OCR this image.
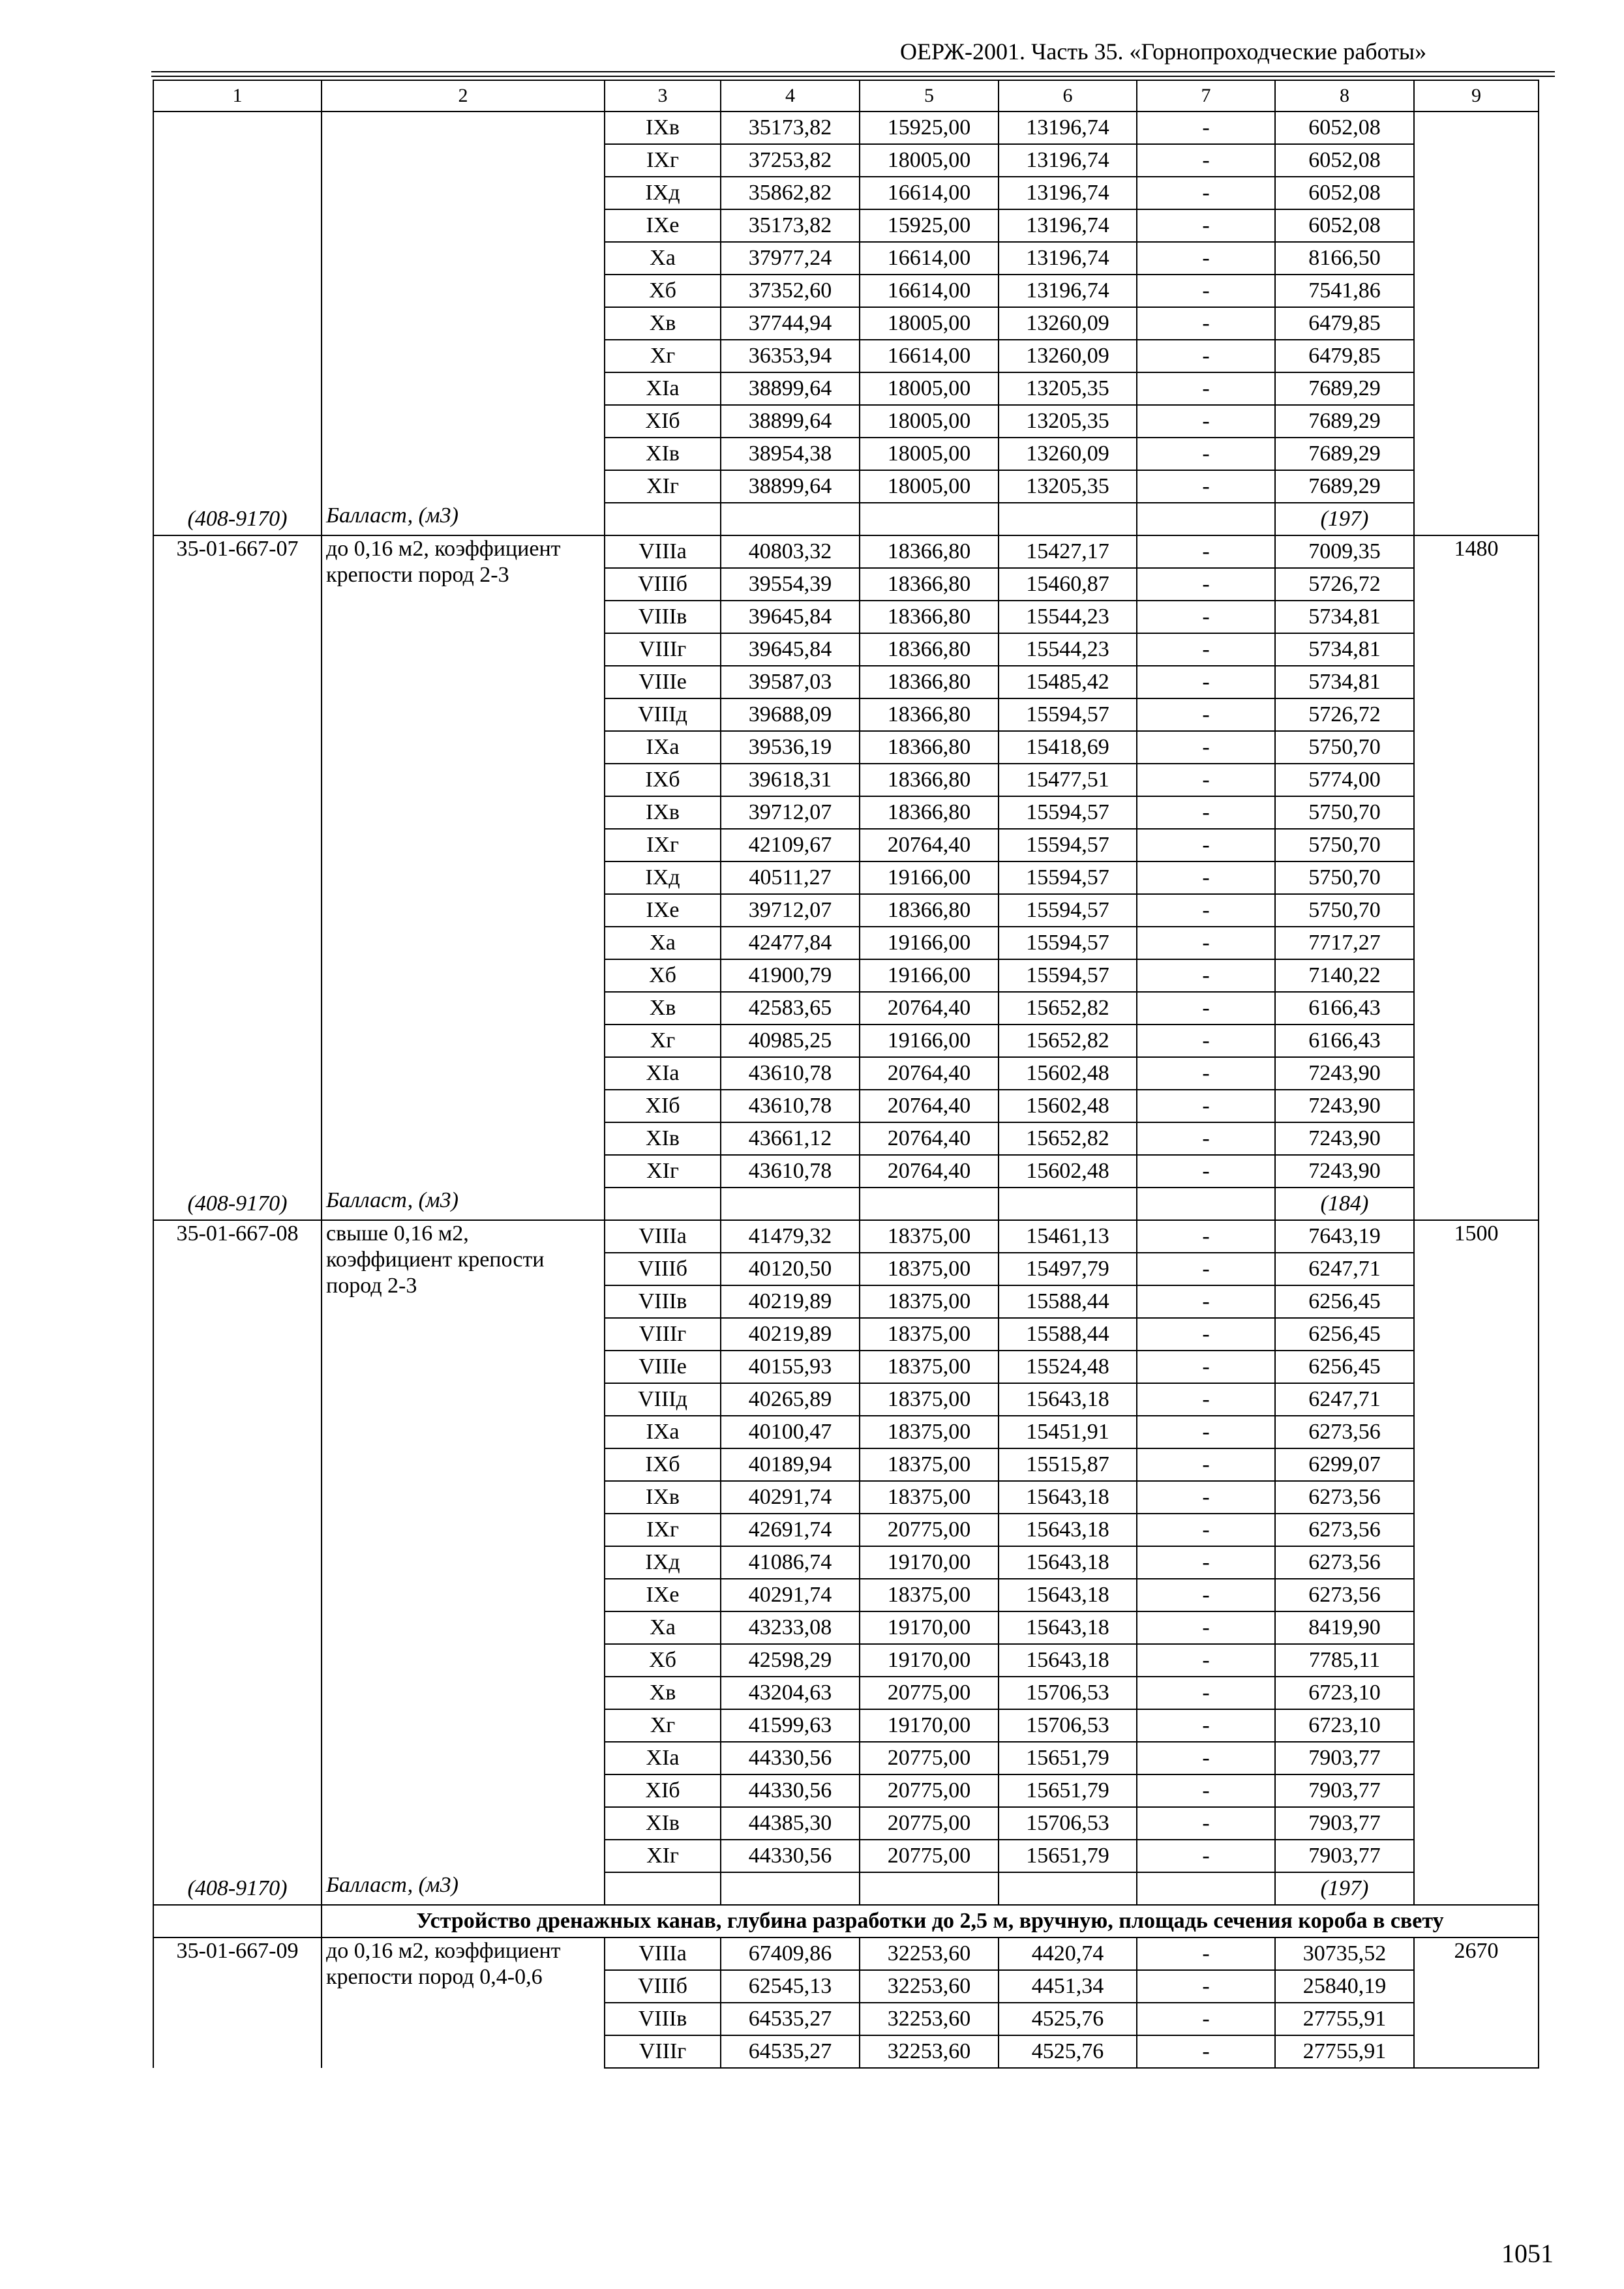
ОЕРЖ-2001. Часть 35. «Горнопроходческие работы»
1	2	3	4	5	6	7	8	9
		IXв	35173,82	15925,00	13196,74	-	6052,08	
		IXг	37253,82	18005,00	13196,74	-	6052,08	
		IXд	35862,82	16614,00	13196,74	-	6052,08	
		IXе	35173,82	15925,00	13196,74	-	6052,08	
		Xа	37977,24	16614,00	13196,74	-	8166,50	
		Xб	37352,60	16614,00	13196,74	-	7541,86	
		Xв	37744,94	18005,00	13260,09	-	6479,85	
		Xг	36353,94	16614,00	13260,09	-	6479,85	
		XIа	38899,64	18005,00	13205,35	-	7689,29	
		XIб	38899,64	18005,00	13205,35	-	7689,29	
		XIв	38954,38	18005,00	13260,09	-	7689,29	
		XIг	38899,64	18005,00	13205,35	-	7689,29	
(408-9170)	Балласт, (м3)						(197)	
35-01-667-07	до 0,16 м2, коэффициент крепости пород 2-3	VIIIа	40803,32	18366,80	15427,17	-	7009,35	1480
		VIIIб	39554,39	18366,80	15460,87	-	5726,72	
		VIIIв	39645,84	18366,80	15544,23	-	5734,81	
		VIIIг	39645,84	18366,80	15544,23	-	5734,81	
		VIIIе	39587,03	18366,80	15485,42	-	5734,81	
		VIIIд	39688,09	18366,80	15594,57	-	5726,72	
		IXа	39536,19	18366,80	15418,69	-	5750,70	
		IXб	39618,31	18366,80	15477,51	-	5774,00	
		IXв	39712,07	18366,80	15594,57	-	5750,70	
		IXг	42109,67	20764,40	15594,57	-	5750,70	
		IXд	40511,27	19166,00	15594,57	-	5750,70	
		IXе	39712,07	18366,80	15594,57	-	5750,70	
		Xа	42477,84	19166,00	15594,57	-	7717,27	
		Xб	41900,79	19166,00	15594,57	-	7140,22	
		Xв	42583,65	20764,40	15652,82	-	6166,43	
		Xг	40985,25	19166,00	15652,82	-	6166,43	
		XIа	43610,78	20764,40	15602,48	-	7243,90	
		XIб	43610,78	20764,40	15602,48	-	7243,90	
		XIв	43661,12	20764,40	15652,82	-	7243,90	
		XIг	43610,78	20764,40	15602,48	-	7243,90	
(408-9170)	Балласт, (м3)						(184)	
35-01-667-08	свыше 0,16 м2, коэффициент крепости пород 2-3	VIIIа	41479,32	18375,00	15461,13	-	7643,19	1500
		VIIIб	40120,50	18375,00	15497,79	-	6247,71	
		VIIIв	40219,89	18375,00	15588,44	-	6256,45	
		VIIIг	40219,89	18375,00	15588,44	-	6256,45	
		VIIIе	40155,93	18375,00	15524,48	-	6256,45	
		VIIIд	40265,89	18375,00	15643,18	-	6247,71	
		IXа	40100,47	18375,00	15451,91	-	6273,56	
		IXб	40189,94	18375,00	15515,87	-	6299,07	
		IXв	40291,74	18375,00	15643,18	-	6273,56	
		IXг	42691,74	20775,00	15643,18	-	6273,56	
		IXд	41086,74	19170,00	15643,18	-	6273,56	
		IXе	40291,74	18375,00	15643,18	-	6273,56	
		Xа	43233,08	19170,00	15643,18	-	8419,90	
		Xб	42598,29	19170,00	15643,18	-	7785,11	
		Xв	43204,63	20775,00	15706,53	-	6723,10	
		Xг	41599,63	19170,00	15706,53	-	6723,10	
		XIа	44330,56	20775,00	15651,79	-	7903,77	
		XIб	44330,56	20775,00	15651,79	-	7903,77	
		XIв	44385,30	20775,00	15706,53	-	7903,77	
		XIг	44330,56	20775,00	15651,79	-	7903,77	
(408-9170)	Балласт, (м3)						(197)	
	Устройство дренажных канав, глубина разработки до 2,5 м, вручную, площадь сечения короба в свету							
35-01-667-09	до 0,16 м2, коэффициент крепости пород 0,4-0,6	VIIIа	67409,86	32253,60	4420,74	-	30735,52	2670
		VIIIб	62545,13	32253,60	4451,34	-	25840,19	
		VIIIв	64535,27	32253,60	4525,76	-	27755,91	
		VIIIг	64535,27	32253,60	4525,76	-	27755,91	
1051
